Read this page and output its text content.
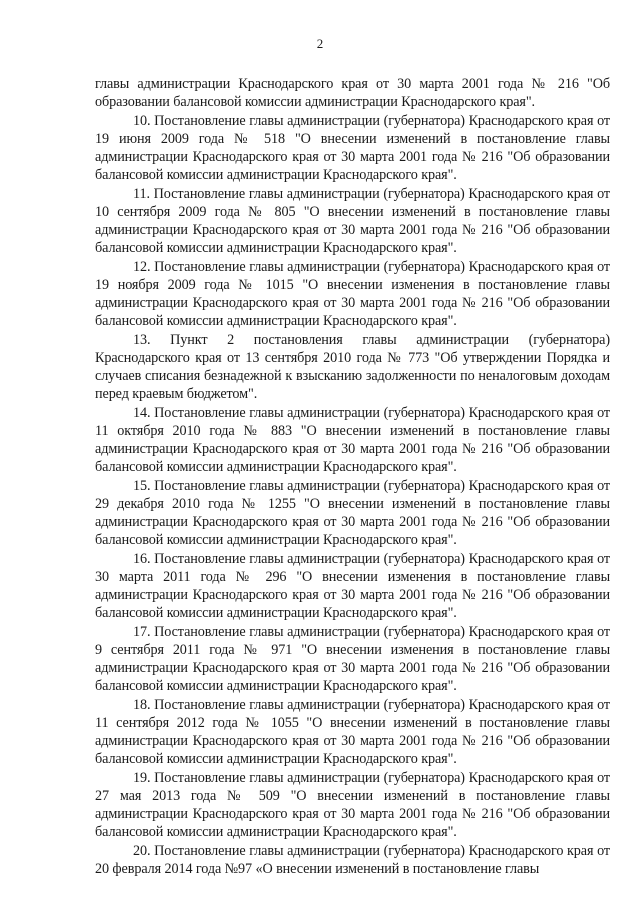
2

главы администрации Краснодарского края от 30 марта 2001 года № 216 "Об образовании балансовой комиссии администрации Краснодарского края".

10. Постановление главы администрации (губернатора) Краснодарского края от 19 июня 2009 года № 518 "О внесении изменений в постановление главы администрации Краснодарского края от 30 марта 2001 года № 216 "Об образовании балансовой комиссии администрации Краснодарского края".

11. Постановление главы администрации (губернатора) Краснодарского края от 10 сентября 2009 года № 805 "О внесении изменений в постановление главы администрации Краснодарского края от 30 марта 2001 года № 216 "Об образовании балансовой комиссии администрации Краснодарского края".

12. Постановление главы администрации (губернатора) Краснодарского края от 19 ноября 2009 года № 1015 "О внесении изменения в постановление главы администрации Краснодарского края от 30 марта 2001 года № 216 "Об образовании балансовой комиссии администрации Краснодарского края".

13. Пункт 2 постановления главы администрации (губернатора) Краснодарского края от 13 сентября 2010 года № 773 "Об утверждении Порядка и случаев списания безнадежной к взысканию задолженности по неналоговым доходам перед краевым бюджетом".

14. Постановление главы администрации (губернатора) Краснодарского края от 11 октября 2010 года № 883 "О внесении изменений в постановление главы администрации Краснодарского края от 30 марта 2001 года № 216 "Об образовании балансовой комиссии администрации Краснодарского края".

15. Постановление главы администрации (губернатора) Краснодарского края от 29 декабря 2010 года № 1255 "О внесении изменений в постановление главы администрации Краснодарского края от 30 марта 2001 года № 216 "Об образовании балансовой комиссии администрации Краснодарского края".

16. Постановление главы администрации (губернатора) Краснодарского края от 30 марта 2011 года № 296 "О внесении изменения в постановление главы администрации Краснодарского края от 30 марта 2001 года № 216 "Об образовании балансовой комиссии администрации Краснодарского края".

17. Постановление главы администрации (губернатора) Краснодарского края от 9 сентября 2011 года № 971 "О внесении изменения в постановление главы администрации Краснодарского края от 30 марта 2001 года № 216 "Об образовании балансовой комиссии администрации Краснодарского края".

18. Постановление главы администрации (губернатора) Краснодарского края от 11 сентября 2012 года № 1055 "О внесении изменений в постановление главы администрации Краснодарского края от 30 марта 2001 года № 216 "Об образовании балансовой комиссии администрации Краснодарского края".

19. Постановление главы администрации (губернатора) Краснодарского края от 27 мая 2013 года № 509 "О внесении изменений в постановление главы администрации Краснодарского края от 30 марта 2001 года № 216 "Об образовании балансовой комиссии администрации Краснодарского края".

20. Постановление главы администрации (губернатора) Краснодарского края от 20 февраля 2014 года №97 «О внесении изменений в постановление главы
